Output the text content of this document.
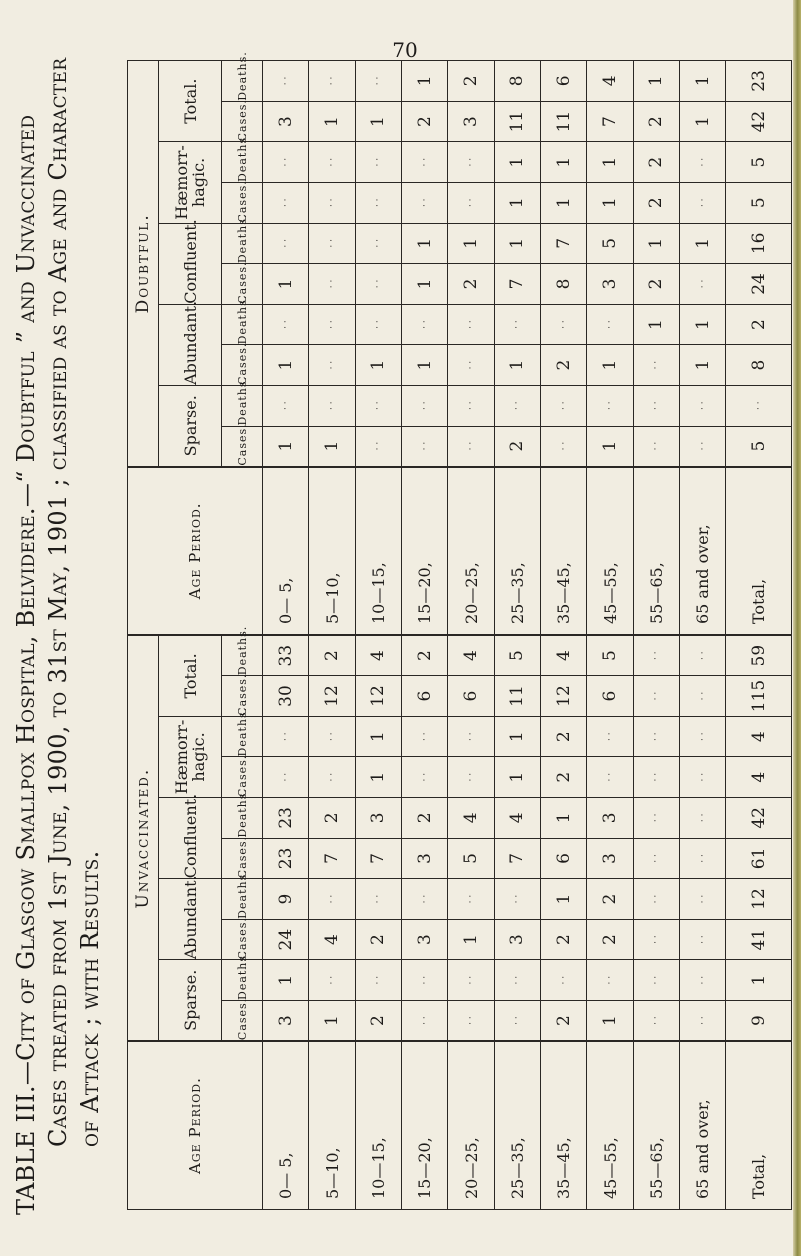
70
TABLE III.—City of Glasgow Smallpox Hospital, Belvidere.—“ Doubtful ” and Unvaccinated Cases treated from 1st June, 1900, to 31st May, 1901 ; classified as to Age and Character of Attack ; with Results.	Age Period.	Unvaccinated.										Age Period.	Doubtful.									
	Sparse.		Abundant.		Confluent.		Hæmorr-hagic.		Total.			Sparse.		Abundant.		Confluent.		Hæmorr-hagic.		Total.	
	Cases.	Deaths.	Cases.	Deaths.	Cases.	Deaths.	Cases.	Deaths.	Cases.	Deaths.		Cases.	Deaths.	Cases.	Deaths.	Cases.	Deaths.	Cases.	Deaths.	Cases.	Deaths.
0— 5,	3	1	24	9	23	23	· ·	· ·	30	33	0— 5,	1	· ·	1	· ·	1	· ·	· ·	· ·	3	· ·
5—10,	1	· ·	4	· ·	7	2	· ·	· ·	12	2	5—10,	1	· ·	· ·	· ·	· ·	· ·	· ·	· ·	1	· ·
10—15,	2	· ·	2	· ·	7	3	1	1	12	4	10—15,	· ·	· ·	1	· ·	· ·	· ·	· ·	· ·	1	· ·
15—20,	· ·	· ·	3	· ·	3	2	· ·	· ·	6	2	15—20,	· ·	· ·	1	· ·	1	1	· ·	· ·	2	1
20—25,	· ·	· ·	1	· ·	5	4	· ·	· ·	6	4	20—25,	· ·	· ·	· ·	· ·	2	1	· ·	· ·	3	2
25—35,	· ·	· ·	3	· ·	7	4	1	1	11	5	25—35,	2	· ·	1	· ·	7	1	1	1	11	8
35—45,	2	· ·	2	1	6	1	2	2	12	4	35—45,	· ·	· ·	2	· ·	8	7	1	1	11	6
45—55,	1	· ·	2	2	3	3	· ·	· ·	6	5	45—55,	1	· ·	1	· ·	3	5	1	1	7	4
55—65,	· ·	· ·	· ·	· ·	· ·	· ·	· ·	· ·	· ·	· ·	55—65,	· ·	· ·	· ·	1	2	1	2	2	2	1
65 and over,	· ·	· ·	· ·	· ·	· ·	· ·	· ·	· ·	· ·	· ·	65 and over,	· ·	· ·	1	1	· ·	1	· ·	· ·	1	1
Total,	9	1	41	12	61	42	4	4	115	59	Total,	5	· ·	8	2	24	16	5	5	42	23
